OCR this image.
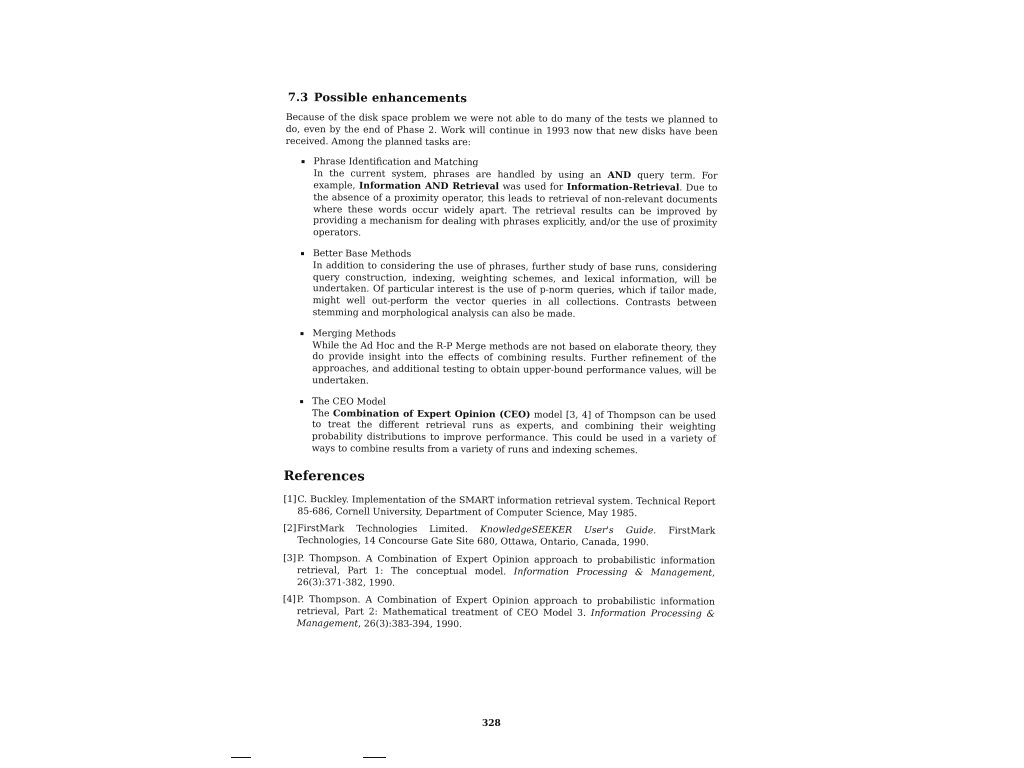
7.3 Possible enhancements

Because of the disk space problem we were not able to do many of the tests we planned to do, even by the end of Phase 2. Work will continue in 1993 now that new disks have been received. Among the planned tasks are:

Phrase Identification and Matching
In the current system, phrases are handled by using an AND query term. For example, Information AND Retrieval was used for Information-Retrieval. Due to the absence of a proximity operator, this leads to retrieval of non-relevant documents where these words occur widely apart. The retrieval results can be improved by providing a mechanism for dealing with phrases explicitly, and/or the use of proximity operators.
Better Base Methods
In addition to considering the use of phrases, further study of base runs, considering query construction, indexing, weighting schemes, and lexical information, will be undertaken. Of particular interest is the use of p-norm queries, which if tailor made, might well out-perform the vector queries in all collections. Contrasts between stemming and morphological analysis can also be made.
Merging Methods
While the Ad Hoc and the R-P Merge methods are not based on elaborate theory, they do provide insight into the effects of combining results. Further refinement of the approaches, and additional testing to obtain upper-bound performance values, will be undertaken.
The CEO Model
The Combination of Expert Opinion (CEO) model [3, 4] of Thompson can be used to treat the different retrieval runs as experts, and combining their weighting probability distributions to improve performance. This could be used in a variety of ways to combine results from a variety of runs and indexing schemes.
References
[1] C. Buckley. Implementation of the SMART information retrieval system. Technical Report 85-686, Cornell University, Department of Computer Science, May 1985.
[2] FirstMark Technologies Limited. KnowledgeSEEKER User's Guide. FirstMark Technologies, 14 Concourse Gate Site 680, Ottawa, Ontario, Canada, 1990.
[3] P. Thompson. A Combination of Expert Opinion approach to probabilistic information retrieval, Part 1: The conceptual model. Information Processing & Management, 26(3):371-382, 1990.
[4] P. Thompson. A Combination of Expert Opinion approach to probabilistic information retrieval, Part 2: Mathematical treatment of CEO Model 3. Information Processing & Management, 26(3):383-394, 1990.
328
